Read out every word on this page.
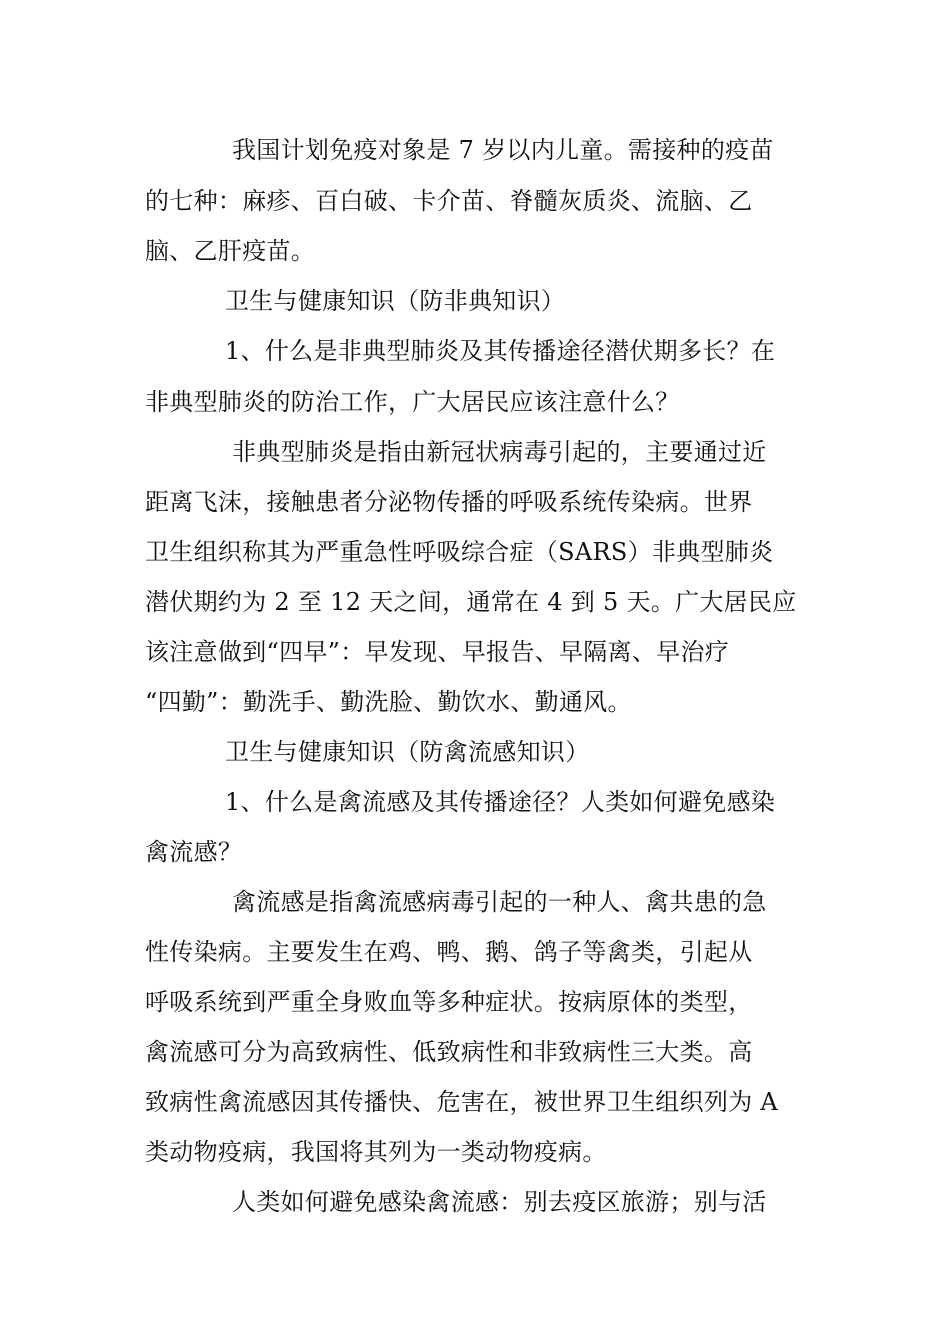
我国计划免疫对象是 7 岁以内儿童。需接种的疫苗
的七种：麻疹、百白破、卡介苗、脊髓灰质炎、流脑、乙
脑、乙肝疫苗。
卫生与健康知识（防非典知识）
1、什么是非典型肺炎及其传播途径潜伏期多长？在
非典型肺炎的防治工作，广大居民应该注意什么？
非典型肺炎是指由新冠状病毒引起的，主要通过近
距离飞沫，接触患者分泌物传播的呼吸系统传染病。世界
卫生组织称其为严重急性呼吸综合症（SARS）非典型肺炎
潜伏期约为 2 至 12 天之间，通常在 4 到 5 天。广大居民应
该注意做到“四早”：早发现、早报告、早隔离、早治疗
“四勤”：勤洗手、勤洗脸、勤饮水、勤通风。
卫生与健康知识（防禽流感知识）
1、什么是禽流感及其传播途径？人类如何避免感染
禽流感？
禽流感是指禽流感病毒引起的一种人、禽共患的急
性传染病。主要发生在鸡、鸭、鹅、鸽子等禽类，引起从
呼吸系统到严重全身败血等多种症状。按病原体的类型，
禽流感可分为高致病性、低致病性和非致病性三大类。高
致病性禽流感因其传播快、危害在，被世界卫生组织列为 A
类动物疫病，我国将其列为一类动物疫病。
人类如何避免感染禽流感：别去疫区旅游；别与活
